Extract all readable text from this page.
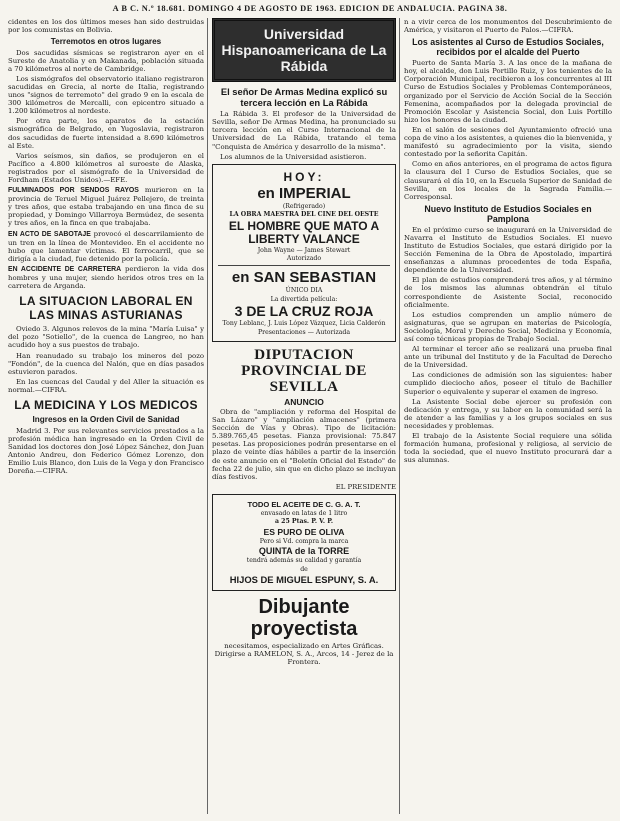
A B C. N.º 18.681. DOMINGO 4 DE AGOSTO DE 1963. EDICION DE ANDALUCIA. PAGINA 38.

cidentes en los dos últimos meses han sido destruidas por los comunistas en Bolivia.

Terremotos en otros lugares

Dos sacudidas sísmicas se registraron ayer en el Sureste de Anatolia y en Makanada, población situada a 70 kilómetros al norte de Cambridge.

Los sismógrafos del observatorio italiano registraron sacudidas en Grecia, al norte de Italia, registrando unos "signos de terremoto" del grado 9 en la escala de 300 kilómetros de Mercalli, con epicentro situado a 1.200 kilómetros al nordeste.

Por otra parte, los aparatos de la estación sismográfica de Belgrado, en Yugoslavia, registraron dos sacudidas de fuerte intensidad a 8.690 kilómetros al Este.

Varios seísmos, sin daños, se produjeron en el Pacífico a 4.800 kilómetros al suroeste de Alaska, registrados por el sismógrafo de la Universidad de Fordham (Estados Unidos).—EFE.

FULMINADOS POR SENDOS RAYOS murieron en la provincia de Teruel Miguel Juárez Pellejero, de treinta y tres años, que estaba trabajando en una finca de su propiedad, y Domingo Villarroya Bermúdez, de sesenta y tres años, en la finca en que trabajaba.

EN ACTO DE SABOTAJE provocó el descarrilamiento de un tren en la línea de Montevideo. En el accidente no hubo que lamentar víctimas. El ferrocarril, que se dirigía a la ciudad, fue detenido por la policía.

EN ACCIDENTE DE CARRETERA perdieron la vida dos hombres y una mujer, siendo heridos otros tres en la carretera de Arganda.

LA SITUACION LABORAL EN LAS MINAS ASTURIANAS

Oviedo 3. Algunos relevos de la mina "María Luisa" y del pozo "Sotiello", de la cuenca de Langreo, no han acudido hoy a sus puestos de trabajo.

Han reanudado su trabajo los mineros del pozo "Fondón", de la cuenca del Nalón, que en días pasados estuvieron parados.

En las cuencas del Caudal y del Aller la situación es normal.—CIFRA.

LA MEDICINA Y LOS MEDICOS
Ingresos en la Orden Civil de Sanidad

Madrid 3. Por sus relevantes servicios prestados a la profesión médica han ingresado en la Orden Civil de Sanidad los doctores don José López Sánchez, don Juan Antonio Andreu, don Federico Gómez Lorenzo, don Emilio Luis Blanco, don Luis de la Vega y don Francisco Doreña.—CIFRA.

Universidad Hispanoamericana de La Rábida
El señor De Armas Medina explicó su tercera lección en La Rábida

La Rábida 3. El profesor de la Universidad de Sevilla, señor De Armas Medina, ha pronunciado su tercera lección en el Curso Internacional de la Universidad de La Rábida, tratando el tema "Conquista de América y desarrollo de la misma".

Los alumnos de la Universidad asistieron.

HOY:
en IMPERIAL
(Refrigerado)
LA OBRA MAESTRA DEL CINE DEL OESTE
EL HOMBRE QUE MATO A LIBERTY VALANCE
John Wayne — James Stewart
Autorizado
en SAN SEBASTIAN
ÚNICO DIA
La divertida película:
3 DE LA CRUZ ROJA
Tony Leblanc, J. Luis López Vázquez, Licia Calderón
Presentaciones — Autorizada
DIPUTACION PROVINCIAL DE SEVILLA
ANUNCIO

Obra de "ampliación y reforma del Hospital de San Lázaro" y "ampliación almacenes" (primera Sección de Vías y Obras). Tipo de licitación: 5.389.765,45 pesetas. Fianza provisional: 75.847 pesetas. Las proposiciones podrán presentarse en el plazo de veinte días hábiles a partir de la inserción de este anuncio en el "Boletín Oficial del Estado" de fecha 22 de julio, sin que en dicho plazo se incluyan días festivos.

EL PRESIDENTE

TODO EL ACEITE DE C. G. A. T.
envasado en latas de 1 litro
a 25 Ptas. P. V. P.
ES PURO DE OLIVA
Pero si Vd. compra la marca
QUINTA de la TORRE
tendrá además su calidad y garantía
de
HIJOS DE MIGUEL ESPUNY, S. A.
Dibujante proyectista

necesitamos, especializado en Artes Gráficas. Dirigirse a RAMELON, S. A., Arcos, 14 - Jerez de la Frontera.

n a vivir cerca de los monumentos del Descubrimiento de América, y visitaron el Puerto de Palos.—CIFRA.

Los asistentes al Curso de Estudios Sociales, recibidos por el alcalde del Puerto

Puerto de Santa María 3. A las once de la mañana de hoy, el alcalde, don Luis Portillo Ruiz, y los tenientes de la Corporación Municipal, recibieron a los concurrentes al III Curso de Estudios Sociales y Problemas Contemporáneos, organizado por el Servicio de Acción Social de la Sección Femenina, acompañados por la delegada provincial de Promoción Escolar y Asistencia Social, don Luis Portillo hizo los honores de la ciudad.

En el salón de sesiones del Ayuntamiento ofreció una copa de vino a los asistentes, a quienes dio la bienvenida, y manifestó su agradecimiento por la visita, siendo contestado por la señorita Capitán.

Como en años anteriores, en el programa de actos figura la clausura del I Curso de Estudios Sociales, que se clausurará el día 10, en la Escuela Superior de Sanidad de Sevilla, en los locales de la Sagrada Familia.—Corresponsal.

Nuevo Instituto de Estudios Sociales en Pamplona

En el próximo curso se inaugurará en la Universidad de Navarra el Instituto de Estudios Sociales. El nuevo Instituto de Estudios Sociales, que estará dirigido por la Sección Femenina de la Obra de Apostolado, impartirá enseñanzas a alumnas procedentes de toda España, dependiente de la Universidad.

El plan de estudios comprenderá tres años, y al término de los mismos las alumnas obtendrán el título correspondiente de Asistente Social, reconocido oficialmente.

Los estudios comprenden un amplio número de asignaturas, que se agrupan en materias de Psicología, Sociología, Moral y Derecho Social, Medicina y Economía, así como técnicas propias de Trabajo Social.

Al terminar el tercer año se realizará una prueba final ante un tribunal del Instituto y de la Facultad de Derecho de la Universidad.

Las condiciones de admisión son las siguientes: haber cumplido dieciocho años, poseer el título de Bachiller Superior o equivalente y superar el examen de ingreso.

La Asistente Social debe ejercer su profesión con dedicación y entrega, y su labor en la comunidad será la de atender a las familias y a los grupos sociales en sus necesidades y problemas.

El trabajo de la Asistente Social requiere una sólida formación humana, profesional y religiosa, al servicio de toda la sociedad, que el nuevo Instituto procurará dar a sus alumnas.
